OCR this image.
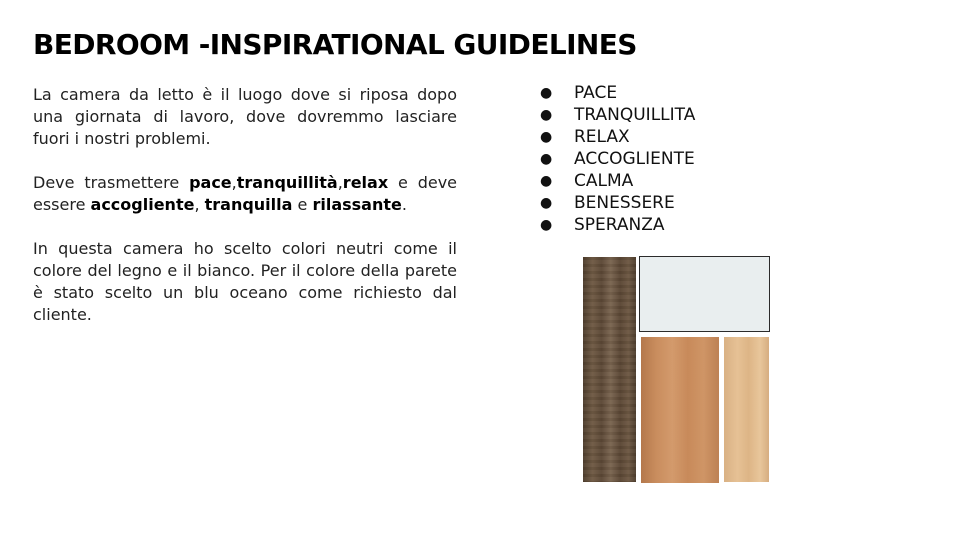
BEDROOM -INSPIRATIONAL GUIDELINES

La camera da letto è il luogo dove si riposa dopo una giornata di lavoro, dove dovremmo lasciare fuori i nostri problemi.

Deve trasmettere pace,tranquillità,relax e deve essere accogliente, tranquilla e rilassante.

In questa camera ho scelto colori neutri come il colore del legno e il bianco. Per il colore della parete è stato scelto un blu oceano come richiesto dal cliente.

●	PACE
●	TRANQUILLITA
●	RELAX
●	ACCOGLIENTE
●	CALMA
●	BENESSERE
●	SPERANZA
